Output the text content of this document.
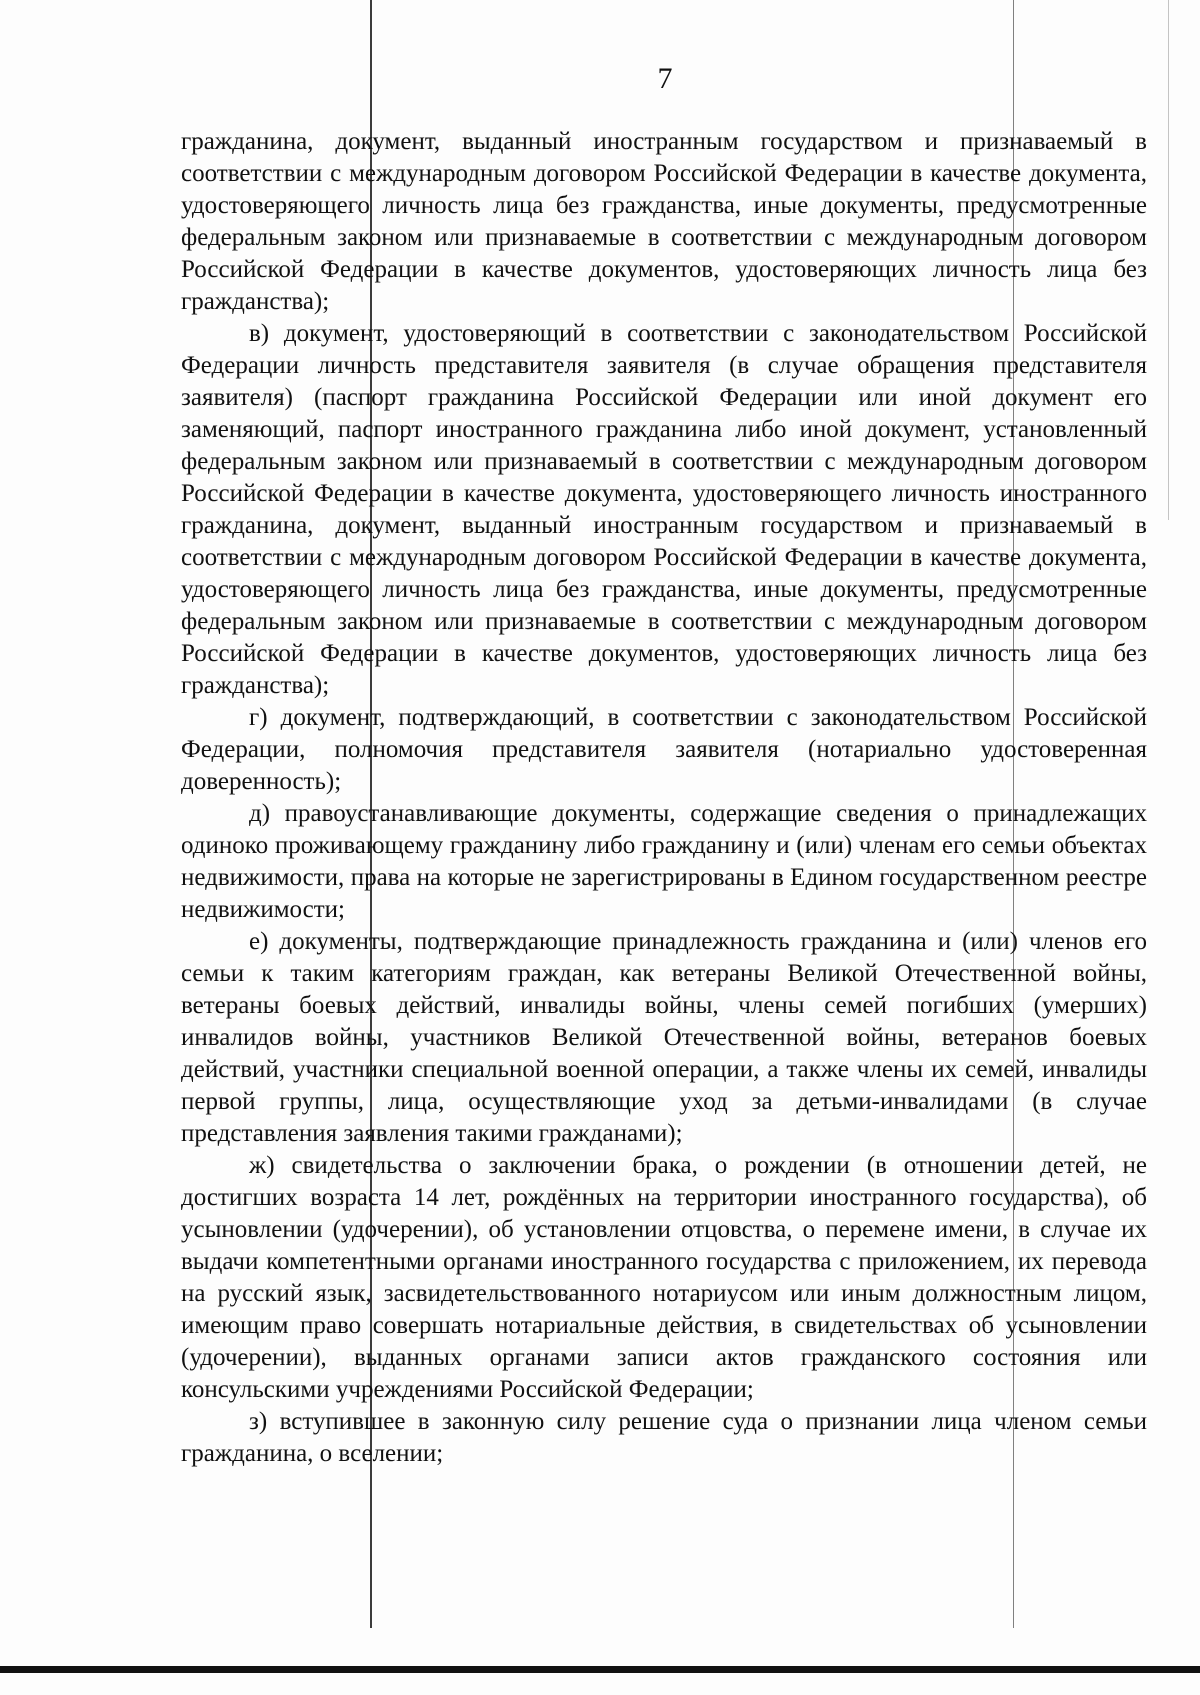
7

гражданина, документ, выданный иностранным государством и признаваемый в соответствии с международным договором Российской Федерации в качестве документа, удостоверяющего личность лица без гражданства, иные документы, предусмотренные федеральным законом или признаваемые в соответствии с международным договором Российской Федерации в качестве документов, удостоверяющих личность лица без гражданства);

в) документ, удостоверяющий в соответствии с законодательством Российской Федерации личность представителя заявителя (в случае обращения представителя заявителя) (паспорт гражданина Российской Федерации или иной документ его заменяющий, паспорт иностранного гражданина либо иной документ, установленный федеральным законом или признаваемый в соответствии с международным договором Российской Федерации в качестве документа, удостоверяющего личность иностранного гражданина, документ, выданный иностранным государством и признаваемый в соответствии с международным договором Российской Федерации в качестве документа, удостоверяющего личность лица без гражданства, иные документы, предусмотренные федеральным законом или признаваемые в соответствии с международным договором Российской Федерации в качестве документов, удостоверяющих личность лица без гражданства);

г) документ, подтверждающий, в соответствии с законодательством Российской Федерации, полномочия представителя заявителя (нотариально удостоверенная доверенность);

д) правоустанавливающие документы, содержащие сведения о принадлежащих одиноко проживающему гражданину либо гражданину и (или) членам его семьи объектах недвижимости, права на которые не зарегистрированы в Едином государственном реестре недвижимости;

е) документы, подтверждающие принадлежность гражданина и (или) членов его семьи к таким категориям граждан, как ветераны Великой Отечественной войны, ветераны боевых действий, инвалиды войны, члены семей погибших (умерших) инвалидов войны, участников Великой Отечественной войны, ветеранов боевых действий, участники специальной военной операции, а также члены их семей, инвалиды первой группы, лица, осуществляющие уход за детьми-инвалидами (в случае представления заявления такими гражданами);

ж) свидетельства о заключении брака, о рождении (в отношении детей, не достигших возраста 14 лет, рождённых на территории иностранного государства), об усыновлении (удочерении), об установлении отцовства, о перемене имени, в случае их выдачи компетентными органами иностранного государства с приложением, их перевода на русский язык, засвидетельствованного нотариусом или иным должностным лицом, имеющим право совершать нотариальные действия, в свидетельствах об усыновлении (удочерении), выданных органами записи актов гражданского состояния или консульскими учреждениями Российской Федерации;

з) вступившее в законную силу решение суда о признании лица членом семьи гражданина, о вселении;
